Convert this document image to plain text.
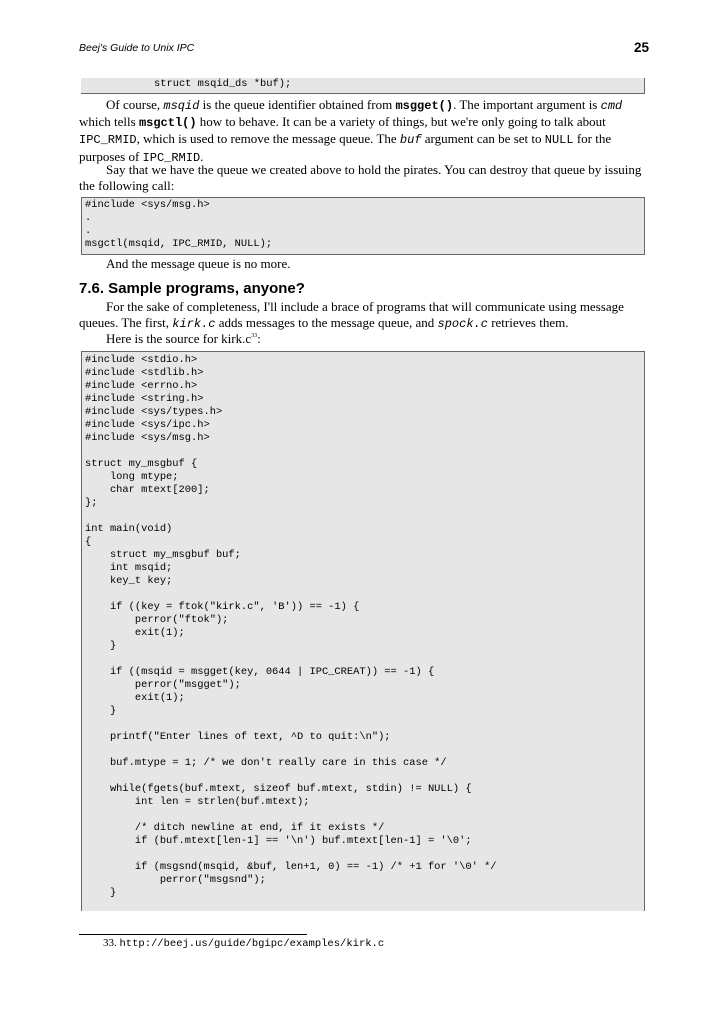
Beej's Guide to Unix IPC	25
struct msqid_ds *buf);

Of course, msqid is the queue identifier obtained from msgget(). The important argument is cmd which tells msgctl() how to behave. It can be a variety of things, but we're only going to talk about IPC_RMID, which is used to remove the message queue. The buf argument can be set to NULL for the purposes of IPC_RMID.

Say that we have the queue we created above to hold the pirates. You can destroy that queue by issuing the following call:

#include <sys/msg.h>
.
.
msgctl(msqid, IPC_RMID, NULL);

And the message queue is no more.

7.6. Sample programs, anyone?

For the sake of completeness, I'll include a brace of programs that will communicate using message queues. The first, kirk.c adds messages to the message queue, and spock.c retrieves them.

Here is the source for $kirk.c^{33}$:

#include <stdio.h>
#include <stdlib.h>
#include <errno.h>
#include <string.h>
#include <sys/types.h>
#include <sys/ipc.h>
#include <sys/msg.h>

struct my_msgbuf {
long mtype;
char mtext[200];
};

int main(void)
{
struct my_msgbuf buf;
int msqid;
key_t key;

if ((key = ftok("kirk.c", 'B')) == -1) {
perror("ftok");
exit(1);
}

if ((msqid = msgget(key, 0644 | IPC_CREAT)) == -1) {
perror("msgget");
exit(1);
}

printf("Enter lines of text, ^D to quit:\n");

buf.mtype = 1; /* we don't really care in this case */

while(fgets(buf.mtext, sizeof buf.mtext, stdin) != NULL) {
int len = strlen(buf.mtext);

/* ditch newline at end, if it exists */
if (buf.mtext[len-1] == '\n') buf.mtext[len-1] = '\0';

if (msgsnd(msqid, &buf, len+1, 0) == -1) /* +1 for '\0' */
perror("msgsnd");
}
33. http://beej.us/guide/bgipc/examples/kirk.c
